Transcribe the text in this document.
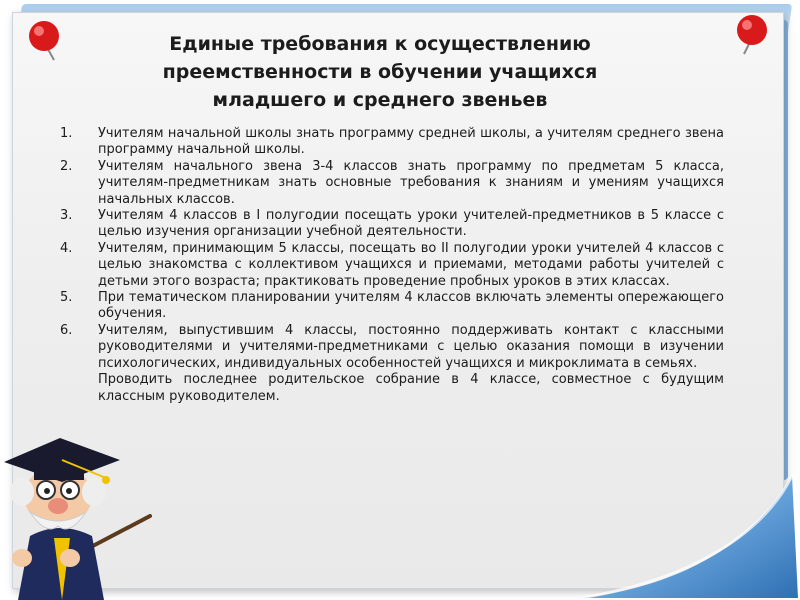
Единые требования к осуществлению преемственности в обучении учащихся младшего и среднего звеньев
1.	Учителям начальной школы знать программу средней школы, а учителям среднего звена программу начальной школы.
2.	Учителям начального звена 3-4 классов знать программу по предметам 5 класса, учителям-предметникам знать основные требования к знаниям и умениям учащихся начальных классов.
3.	Учителям 4 классов в I полугодии посещать уроки учителей-предметников в 5 классе с целью изучения организации учебной деятельности.
4.	Учителям, принимающим 5 классы, посещать во II полугодии уроки учителей 4 классов с целью знакомства с коллективом учащихся и приемами, методами работы учителей с детьми этого возраста; практиковать проведение пробных уроков в этих классах.
5.	При тематическом планировании учителям 4 классов включать элементы опережающего обучения.
6.	Учителям, выпустившим 4 классы, постоянно поддерживать контакт с классными руководителями и учителями-предметниками с целью оказания помощи в изучении психологических, индивидуальных особенностей учащихся и микроклимата в семьях.
Проводить последнее родительское собрание в 4 классе, совместное с будущим классным руководителем.
